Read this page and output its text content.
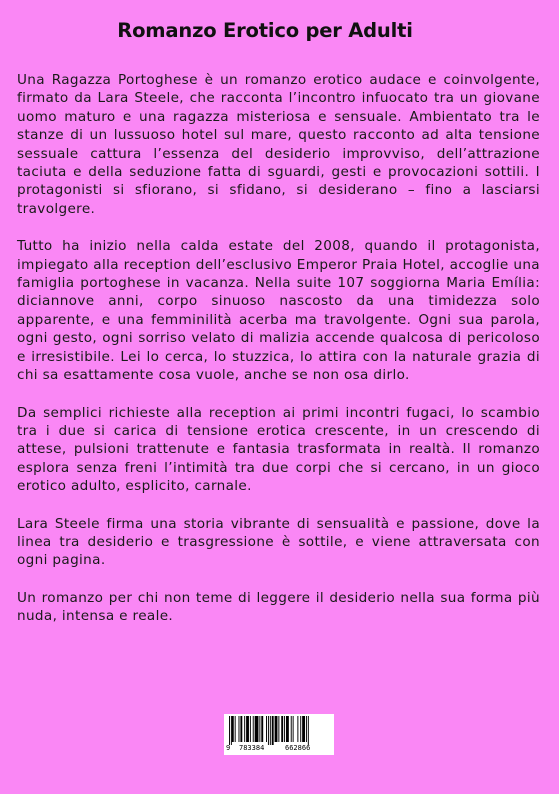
Romanzo Erotico per Adulti

Una Ragazza Portoghese è un romanzo erotico audace e coinvolgente, firmato da Lara Steele, che racconta l’incontro infuocato tra un giovane uomo maturo e una ragazza misteriosa e sensuale. Ambientato tra le stanze di un lussuoso hotel sul mare, questo racconto ad alta tensione sessuale cattura l’essenza del desiderio improvviso, dell’attrazione taciuta e della seduzione fatta di sguardi, gesti e provocazioni sottili. I protagonisti si sfiorano, si sfidano, si desiderano – fino a lasciarsi travolgere.

Tutto ha inizio nella calda estate del 2008, quando il protagonista, impiegato alla reception dell’esclusivo Emperor Praia Hotel, accoglie una famiglia portoghese in vacanza. Nella suite 107 soggiorna Maria Emília: diciannove anni, corpo sinuoso nascosto da una timidezza solo apparente, e una femminilità acerba ma travolgente. Ogni sua parola, ogni gesto, ogni sorriso velato di malizia accende qualcosa di pericoloso e irresistibile. Lei lo cerca, lo stuzzica, lo attira con la naturale grazia di chi sa esattamente cosa vuole, anche se non osa dirlo.

Da semplici richieste alla reception ai primi incontri fugaci, lo scambio tra i due si carica di tensione erotica crescente, in un crescendo di attese, pulsioni trattenute e fantasia trasformata in realtà. Il romanzo esplora senza freni l’intimità tra due corpi che si cercano, in un gioco erotico adulto, esplicito, carnale.

Lara Steele firma una storia vibrante di sensualità e passione, dove la linea tra desiderio e trasgressione è sottile, e viene attraversata con ogni pagina.

Un romanzo per chi non teme di leggere il desiderio nella sua forma più nuda, intensa e reale.

9 783384	662866
